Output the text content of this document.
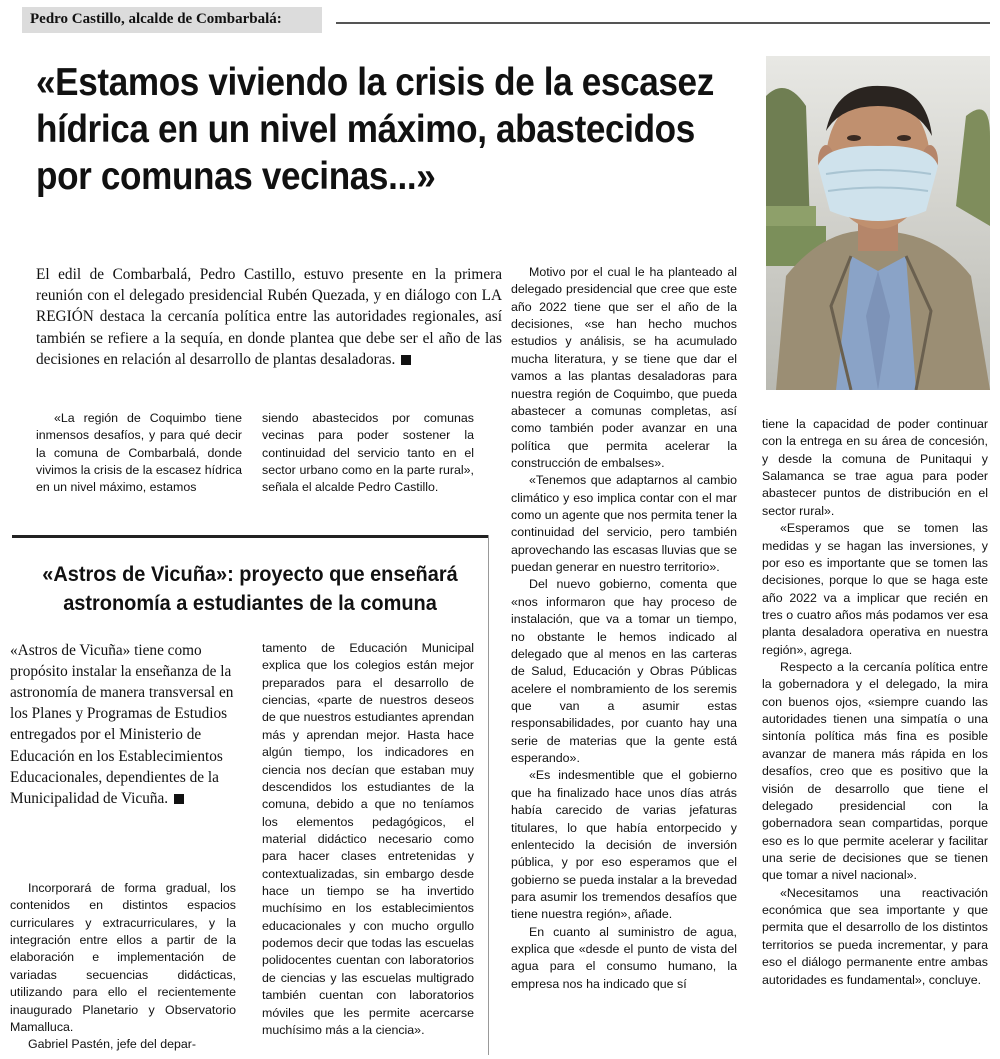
Pedro Castillo, alcalde de Combarbalá:
«Estamos viviendo la crisis de la escasez hídrica en un nivel máximo, abastecidos por comunas vecinas...»
El edil de Combarbalá, Pedro Castillo, estuvo presente en la primera reunión con el delegado presidencial Rubén Quezada, y en diálogo con LA REGIÓN destaca la cercanía política entre las autoridades regionales, así también se refiere a la sequía, en donde plantea que debe ser el año de las decisiones en relación al desarrollo de plantas desaladoras.

«La región de Coquimbo tiene inmensos desafíos, y para qué decir la comuna de Combarbalá, donde vivimos la crisis de la escasez hídrica en un nivel máximo, estamos

siendo abastecidos por comunas vecinas para poder sostener la continuidad del servicio tanto en el sector urbano como en la parte rural», señala el alcalde Pedro Castillo.

Motivo por el cual le ha planteado al delegado presidencial que cree que este año 2022 tiene que ser el año de la decisiones, «se han hecho muchos estudios y análisis, se ha acumulado mucha literatura, y se tiene que dar el vamos a las plantas desaladoras para nuestra región de Coquimbo, que pueda abastecer a comunas completas, así como también poder avanzar en una política que permita acelerar la construcción de embalses».

«Tenemos que adaptarnos al cambio climático y eso implica contar con el mar como un agente que nos permita tener la continuidad del servicio, pero también aprovechando las escasas lluvias que se puedan generar en nuestro territorio».

Del nuevo gobierno, comenta que «nos informaron que hay proceso de instalación, que va a tomar un tiempo, no obstante le hemos indicado al delegado que al menos en las carteras de Salud, Educación y Obras Públicas acelere el nombramiento de los seremis que van a asumir estas responsabilidades, por cuanto hay una serie de materias que la gente está esperando».

«Es indesmentible que el gobierno que ha finalizado hace unos días atrás había carecido de varias jefaturas titulares, lo que había entorpecido y enlentecido la decisión de inversión pública, y por eso esperamos que el gobierno se pueda instalar a la brevedad para asumir los tremendos desafíos que tiene nuestra región», añade.

En cuanto al suministro de agua, explica que «desde el punto de vista del agua para el consumo humano, la empresa nos ha indicado que sí

tiene la capacidad de poder continuar con la entrega en su área de concesión, y desde la comuna de Punitaqui y Salamanca se trae agua para poder abastecer puntos de distribución en el sector rural».

«Esperamos que se tomen las medidas y se hagan las inversiones, y por eso es importante que se tomen las decisiones, porque lo que se haga este año 2022 va a implicar que recién en tres o cuatro años más podamos ver esa planta desaladora operativa en nuestra región», agrega.

Respecto a la cercanía política entre la gobernadora y el delegado, la mira con buenos ojos, «siempre cuando las autoridades tienen una simpatía o una sintonía política más fina es posible avanzar de manera más rápida en los desafíos, creo que es positivo que la visión de desarrollo que tiene el delegado presidencial con la gobernadora sean compartidas, porque eso es lo que permite acelerar y facilitar una serie de decisiones que se tienen que tomar a nivel nacional».

«Necesitamos una reactivación económica que sea importante y que permita que el desarrollo de los distintos territorios se pueda incrementar, y para eso el diálogo permanente entre ambas autoridades es fundamental», concluye.

«Astros de Vicuña»: proyecto que enseñará astronomía a estudiantes de la comuna
«Astros de Vicuña» tiene como propósito instalar la enseñanza de la astronomía de manera transversal en los Planes y Programas de Estudios entregados por el Ministerio de Educación en los Establecimientos Educacionales, dependientes de la Municipalidad de Vicuña.

Incorporará de forma gradual, los contenidos en distintos espacios curriculares y extracurriculares, y la integración entre ellos a partir de la elaboración e implementación de variadas secuencias didácticas, utilizando para ello el recientemente inaugurado Planetario y Observatorio Mamalluca.

Gabriel Pastén, jefe del depar-

tamento de Educación Municipal explica que los colegios están mejor preparados para el desarrollo de ciencias, «parte de nuestros deseos de que nuestros estudiantes aprendan más y aprendan mejor. Hasta hace algún tiempo, los indicadores en ciencia nos decían que estaban muy descendidos los estudiantes de la comuna, debido a que no teníamos los elementos pedagógicos, el material didáctico necesario como para hacer clases entretenidas y contextualizadas, sin embargo desde hace un tiempo se ha invertido muchísimo en los establecimientos educacionales y con mucho orgullo podemos decir que todas las escuelas polidocentes cuentan con laboratorios de ciencias y las escuelas multigrado también cuentan con laboratorios móviles que les permite acercarse muchísimo más a la ciencia».
